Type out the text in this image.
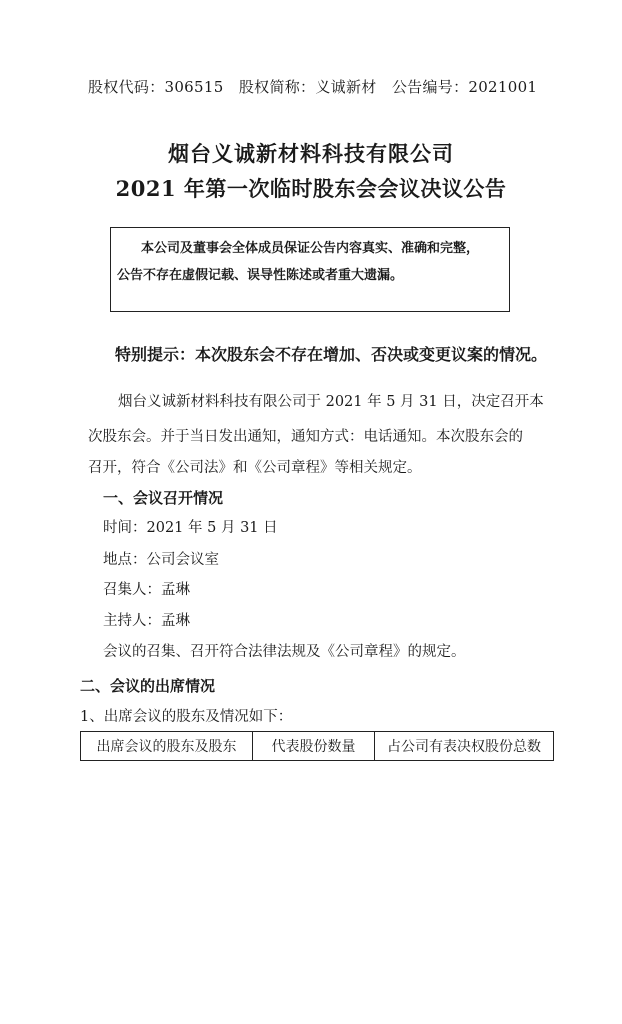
股权代码：306515　股权简称：义诚新材　公告编号：2021001
烟台义诚新材料科技有限公司
2021 年第一次临时股东会会议决议公告
本公司及董事会全体成员保证公告内容真实、准确和完整，
公告不存在虚假记载、误导性陈述或者重大遗漏。
特别提示：本次股东会不存在增加、否决或变更议案的情况。
烟台义诚新材料科技有限公司于 2021 年 5 月 31 日，决定召开本
次股东会。并于当日发出通知，通知方式：电话通知。本次股东会的
召开，符合《公司法》和《公司章程》等相关规定。
一、会议召开情况
时间：2021 年 5 月 31 日
地点：公司会议室
召集人：孟琳
主持人：孟琳
会议的召集、召开符合法律法规及《公司章程》的规定。
二、会议的出席情况
1、出席会议的股东及情况如下：
出席会议的股东及股东	代表股份数量	占公司有表决权股份总数
